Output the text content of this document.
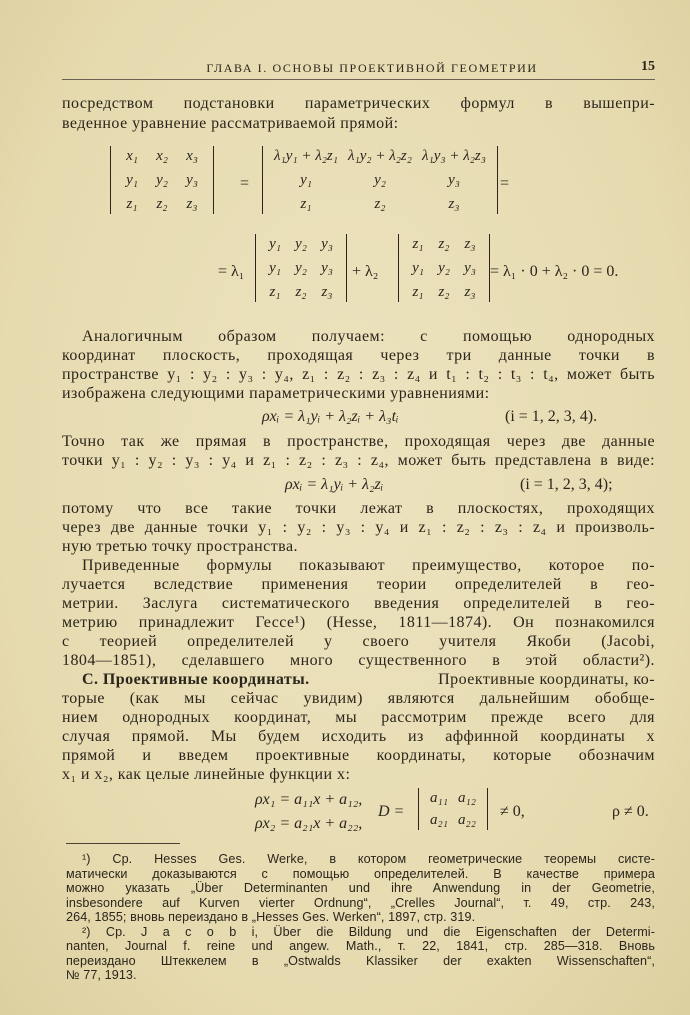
ГЛАВА I. ОСНОВЫ ПРОЕКТИВНОЙ ГЕОМЕТРИИ	15
посредством подстановки параметрических формул в вышепри-
веденное уравнение рассматриваемой прямой:
x₁	x₂	x₃
y₁	y₂	y₃
z₁	z₂	z₃
=
λ₁y₁ + λ₂z₁ λ₁y₂ + λ₂z₂ λ₁y₃ + λ₂z₃
y₁	y₂	y₃
z₁	z₂	z₃
=
= λ₁
y₁ y₂ y₃
y₁ y₂ y₃
z₁ z₂ z₃
+ λ₂
z₁ z₂ z₃
y₁ y₂ y₃
z₁ z₂ z₃
= λ₁ · 0 + λ₂ · 0 = 0.
Аналогичным образом получаем: с помощью однородных
координат плоскость, проходящая через три данные точки в
пространстве y₁ : y₂ : y₃ : y₄, z₁ : z₂ : z₃ : z₄ и t₁ : t₂ : t₃ : t₄, может быть
изображена следующими параметрическими уравнениями:
ρxᵢ = λ₁yᵢ + λ₂zᵢ + λ₃tᵢ	(i = 1, 2, 3, 4).
Точно так же прямая в пространстве, проходящая через две данные
точки y₁ : y₂ : y₃ : y₄ и z₁ : z₂ : z₃ : z₄, может быть представлена в виде:
ρxᵢ = λ₁yᵢ + λ₂zᵢ	(i = 1, 2, 3, 4);
потому что все такие точки лежат в плоскостях, проходящих
через две данные точки y₁ : y₂ : y₃ : y₄ и z₁ : z₂ : z₃ : z₄ и произволь-
ную третью точку пространства.
Приведенные формулы показывают преимущество, которое по-
лучается вследствие применения теории определителей в гео-
метрии. Заслуга систематического введения определителей в гео-
метрию принадлежит Гессе¹) (Hesse, 1811—1874). Он познакомился
с теорией определителей у своего учителя Якоби (Jacobi,
1804—1851), сделавшего много существенного в этой области²).
C. Проективные координаты.	Проективные координаты, ко-
торые (как мы сейчас увидим) являются дальнейшим обобще-
нием однородных координат, мы рассмотрим прежде всего для
случая прямой. Мы будем исходить из аффинной координаты x
прямой и введем проективные координаты, которые обозначим
x₁ и x₂, как целые линейные функции x:
ρx₁ = a₁₁x + a₁₂,
ρx₂ = a₂₁x + a₂₂,
D =
a₁₁ a₁₂
a₂₁ a₂₂	≠ 0,	ρ ≠ 0.
¹) Ср. Hesses Ges. Werke, в котором геометрические теоремы систе-
матически доказываются с помощью определителей. В качестве примера
можно указать „Über Determinanten und ihre Anwendung in der Geometrie,
insbesondere auf Kurven vierter Ordnung“, „Crelles Journal“, т. 49, стр. 243,
264, 1855; вновь переиздано в „Hesses Ges. Werken“, 1897, стр. 319.
²) Ср. J a c o b i, Über die Bildung und die Eigenschaften der Determi-
nanten, Journal f. reine und angew. Math., т. 22, 1841, стр. 285—318. Вновь
переиздано Штеккелем в „Ostwalds Klassiker der exakten Wissenschaften“,
№ 77, 1913.
